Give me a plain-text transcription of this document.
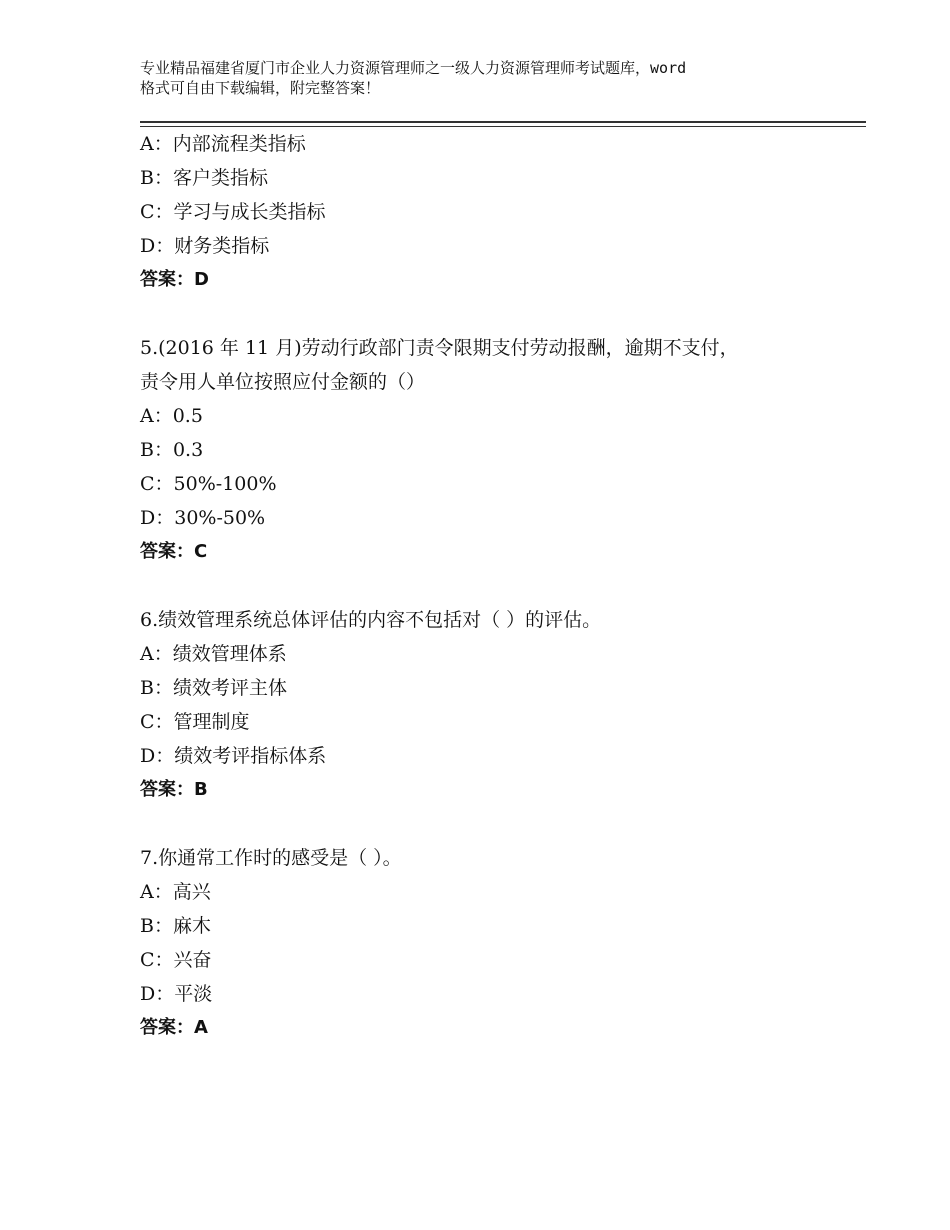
专业精品福建省厦门市企业人力资源管理师之一级人力资源管理师考试题库，word
格式可自由下载编辑，附完整答案！
A：内部流程类指标
B：客户类指标
C：学习与成长类指标
D：财务类指标
答案：D
5.(2016 年 11 月)劳动行政部门责令限期支付劳动报酬，逾期不支付，
责令用人单位按照应付金额的（）
A：0.5
B：0.3
C：50%-100%
D：30%-50%
答案：C
6.绩效管理系统总体评估的内容不包括对（ ）的评估。
A：绩效管理体系
B：绩效考评主体
C：管理制度
D：绩效考评指标体系
答案：B
7.你通常工作时的感受是（ ）。
A：高兴
B：麻木
C：兴奋
D：平淡
答案：A
